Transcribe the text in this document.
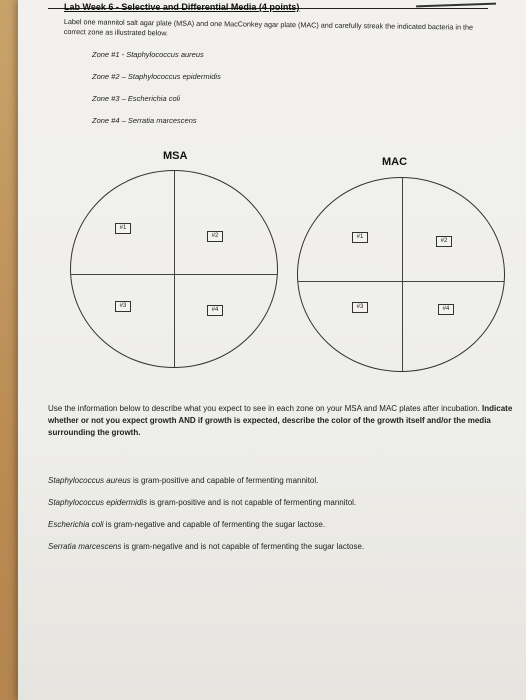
Lab Week 6 - Selective and Differential Media (4 points)
Label one mannitol salt agar plate (MSA) and one MacConkey agar plate (MAC) and carefully streak the indicated bacteria in the correct zone as illustrated below.
Zone #1 - Staphylococcus aureus
Zone #2 – Staphylococcus epidermidis
Zone #3 – Escherichia coli
Zone #4 – Serratia marcescens
MSA
#1
#2
#3
#4
MAC
#1
#2
#3	#4
Use the information below to describe what you expect to see in each zone on your MSA and MAC plates after incubation. Indicate whether or not you expect growth AND if growth is expected, describe the color of the growth itself and/or the media surrounding the growth.
Staphylococcus aureus is gram-positive and capable of fermenting mannitol.
Staphylococcus epidermidis is gram-positive and is not capable of fermenting mannitol.
Escherichia coli is gram-negative and capable of fermenting the sugar lactose.
Serratia marcescens is gram-negative and is not capable of fermenting the sugar lactose.
